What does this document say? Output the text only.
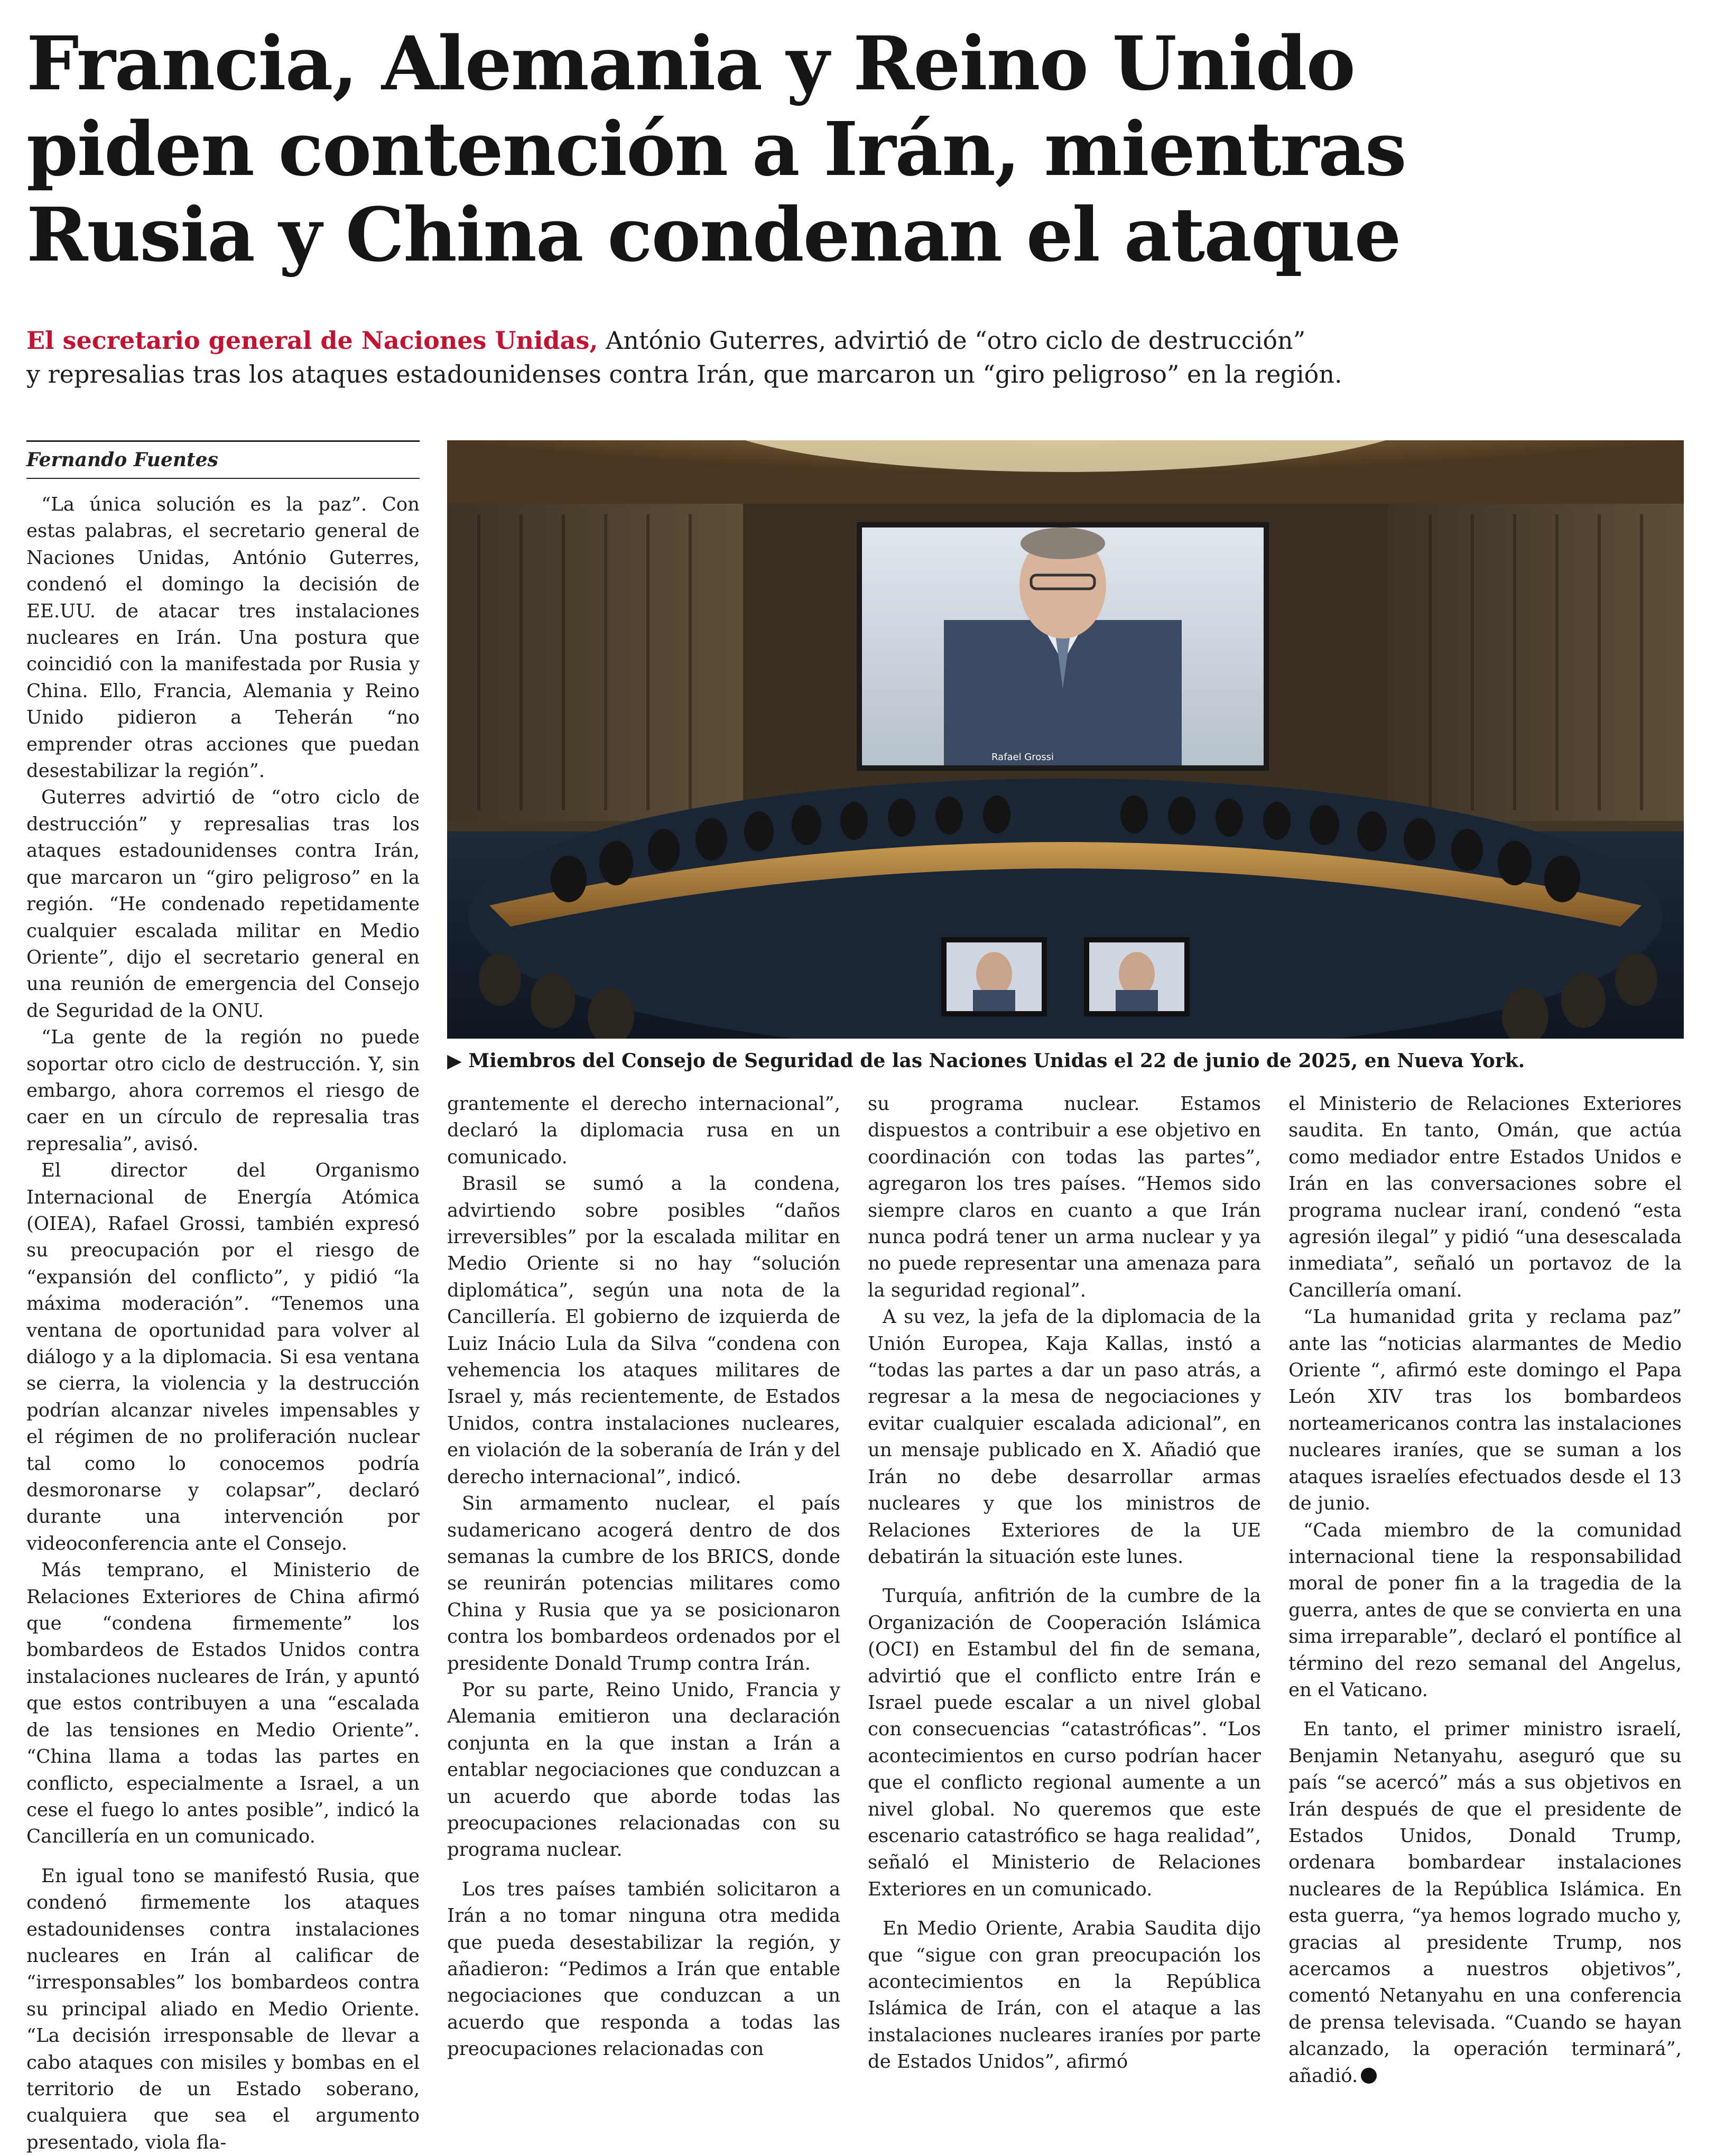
Francia, Alemania y Reino Unido
piden contención a Irán, mientras
Rusia y China condenan el ataque
El secretario general de Naciones Unidas, António Guterres, advirtió de “otro ciclo de destrucción”
y represalias tras los ataques estadounidenses contra Irán, que marcaron un “giro peligroso” en la región.
Fernando Fuentes
Rafael Grossi
▶ Miembros del Consejo de Seguridad de las Naciones Unidas el 22 de junio de 2025, en Nueva York.

“La única solución es la paz”. Con estas palabras, el secretario general de Naciones Unidas, António Guterres, condenó el domingo la decisión de EE.UU. de atacar tres instalaciones nucleares en Irán. Una postura que coincidió con la manifestada por Rusia y China. Ello, Francia, Alemania y Reino Unido pidieron a Teherán “no emprender otras acciones que puedan desestabilizar la región”.

Guterres advirtió de “otro ciclo de destrucción” y represalias tras los ataques estadounidenses contra Irán, que marcaron un “giro peligroso” en la región. “He condenado repetidamente cualquier escalada militar en Medio Oriente”, dijo el secretario general en una reunión de emergencia del Consejo de Seguridad de la ONU.

“La gente de la región no puede soportar otro ciclo de destrucción. Y, sin embargo, ahora corremos el riesgo de caer en un círculo de represalia tras represalia”, avisó.

El director del Organismo Internacional de Energía Atómica (OIEA), Rafael Grossi, también expresó su preocupación por el riesgo de “expansión del conflicto”, y pidió “la máxima moderación”. “Tenemos una ventana de oportunidad para volver al diálogo y a la diplomacia. Si esa ventana se cierra, la violencia y la destrucción podrían alcanzar niveles impensables y el régimen de no proliferación nuclear tal como lo conocemos podría desmoronarse y colapsar”, declaró durante una intervención por videoconferencia ante el Consejo.

Más temprano, el Ministerio de Relaciones Exteriores de China afirmó que “condena firmemente” los bombardeos de Estados Unidos contra instalaciones nucleares de Irán, y apuntó que estos contribuyen a una “escalada de las tensiones en Medio Oriente”. “China llama a todas las partes en conflicto, especialmente a Israel, a un cese el fuego lo antes posible”, indicó la Cancillería en un comunicado.

En igual tono se manifestó Rusia, que condenó firmemente los ataques estadounidenses contra instalaciones nucleares en Irán al calificar de “irresponsables” los bombardeos contra su principal aliado en Medio Oriente. “La decisión irresponsable de llevar a cabo ataques con misiles y bombas en el territorio de un Estado soberano, cualquiera que sea el argumento presentado, viola fla-

grantemente el derecho internacional”, declaró la diplomacia rusa en un comunicado.

Brasil se sumó a la condena, advirtiendo sobre posibles “daños irreversibles” por la escalada militar en Medio Oriente si no hay “solución diplomática”, según una nota de la Cancillería. El gobierno de izquierda de Luiz Inácio Lula da Silva “condena con vehemencia los ataques militares de Israel y, más recientemente, de Estados Unidos, contra instalaciones nucleares, en violación de la soberanía de Irán y del derecho internacional”, indicó.

Sin armamento nuclear, el país sudamericano acogerá dentro de dos semanas la cumbre de los BRICS, donde se reunirán potencias militares como China y Rusia que ya se posicionaron contra los bombardeos ordenados por el presidente Donald Trump contra Irán.

Por su parte, Reino Unido, Francia y Alemania emitieron una declaración conjunta en la que instan a Irán a entablar negociaciones que conduzcan a un acuerdo que aborde todas las preocupaciones relacionadas con su programa nuclear.

Los tres países también solicitaron a Irán a no tomar ninguna otra medida que pueda desestabilizar la región, y añadieron: “Pedimos a Irán que entable negociaciones que conduzcan a un acuerdo que responda a todas las preocupaciones relacionadas con

su programa nuclear. Estamos dispuestos a contribuir a ese objetivo en coordinación con todas las partes”, agregaron los tres países. “Hemos sido siempre claros en cuanto a que Irán nunca podrá tener un arma nuclear y ya no puede representar una amenaza para la seguridad regional”.

A su vez, la jefa de la diplomacia de la Unión Europea, Kaja Kallas, instó a “todas las partes a dar un paso atrás, a regresar a la mesa de negociaciones y evitar cualquier escalada adicional”, en un mensaje publicado en X. Añadió que Irán no debe desarrollar armas nucleares y que los ministros de Relaciones Exteriores de la UE debatirán la situación este lunes.

Turquía, anfitrión de la cumbre de la Organización de Cooperación Islámica (OCI) en Estambul del fin de semana, advirtió que el conflicto entre Irán e Israel puede escalar a un nivel global con consecuencias “catastróficas”. “Los acontecimientos en curso podrían hacer que el conflicto regional aumente a un nivel global. No queremos que este escenario catastrófico se haga realidad”, señaló el Ministerio de Relaciones Exteriores en un comunicado.

En Medio Oriente, Arabia Saudita dijo que “sigue con gran preocupación los acontecimientos en la República Islámica de Irán, con el ataque a las instalaciones nucleares iraníes por parte de Estados Unidos”, afirmó

el Ministerio de Relaciones Exteriores saudita. En tanto, Omán, que actúa como mediador entre Estados Unidos e Irán en las conversaciones sobre el programa nuclear iraní, condenó “esta agresión ilegal” y pidió “una desescalada inmediata”, señaló un portavoz de la Cancillería omaní.

“La humanidad grita y reclama paz” ante las “noticias alarmantes de Medio Oriente “, afirmó este domingo el Papa León XIV tras los bombardeos norteamericanos contra las instalaciones nucleares iraníes, que se suman a los ataques israelíes efectuados desde el 13 de junio.

“Cada miembro de la comunidad internacional tiene la responsabilidad moral de poner fin a la tragedia de la guerra, antes de que se convierta en una sima irreparable”, declaró el pontífice al término del rezo semanal del Angelus, en el Vaticano.

En tanto, el primer ministro israelí, Benjamin Netanyahu, aseguró que su país “se acercó” más a sus objetivos en Irán después de que el presidente de Estados Unidos, Donald Trump, ordenara bombardear instalaciones nucleares de la República Islámica. En esta guerra, “ya hemos logrado mucho y, gracias al presidente Trump, nos acercamos a nuestros objetivos”, comentó Netanyahu en una conferencia de prensa televisada. “Cuando se hayan alcanzado, la operación terminará”, añadió.
